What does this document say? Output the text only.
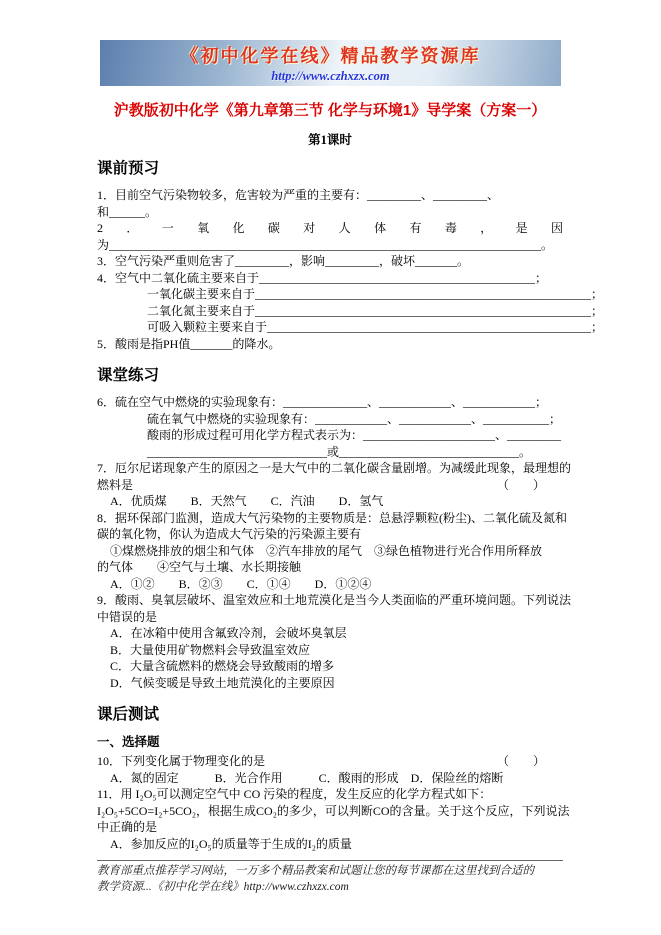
《初中化学在线》精品教学资源库
http://www.czhxzx.com
沪教版初中化学《第九章第三节 化学与环境1》导学案（方案一）
第1课时
课前预习
1．目前空气污染物较多，危害较为严重的主要有：_________、_________、
和______。
2．一氧化碳对人体有毒，是因
为________________________________________________________________________。
3．空气污染严重则危害了_________，影响_________，破坏_______。
4．空气中二氧化硫主要来自于______________________________________________；
一氧化碳主要来自于________________________________________________________；
二氧化氮主要来自于________________________________________________________；
可吸入颗粒主要来自于______________________________________________________；
5．酸雨是指PH值_______的降水。
课堂练习
6．硫在空气中燃烧的实验现象有：______________、____________、____________；
硫在氧气中燃烧的实验现象有：____________、____________、___________；
酸雨的形成过程可用化学方程式表示为：______________________、_________
______________________________或______________________________。
7．厄尔尼诺现象产生的原因之一是大气中的二氧化碳含量剧增。为减缓此现象，最理想的
燃料是	（　　）
A．优质煤　　B．天然气　　C．汽油　　D．氢气
8．据环保部门监测，造成大气污染物的主要物质是：总悬浮颗粒(粉尘)、二氧化硫及氮和
碳的氧化物，你认为造成大气污染的污染源主要有
①煤燃烧排放的烟尘和气体　②汽车排放的尾气　③绿色植物进行光合作用所释放
的气体　　④空气与土壤、水长期接触
A．①②　　B．②③　　C．①④　　D．①②④
9．酸雨、臭氧层破坏、温室效应和土地荒漠化是当今人类面临的严重环境问题。下列说法
中错误的是
A．在冰箱中使用含氟致冷剂，会破坏臭氧层
B．大量使用矿物燃料会导致温室效应
C．大量含硫燃料的燃烧会导致酸雨的增多
D．气候变暖是导致土地荒漠化的主要原因
课后测试
一、选择题
10．下列变化属于物理变化的是	（　　）
A．氮的固定　　　B．光合作用　　　C．酸雨的形成　D．保险丝的熔断
11．用 I₂O₅可以测定空气中 CO 污染的程度，发生反应的化学方程式如下：
I₂O₅+5CO=I₂+5CO₂，根据生成CO₂的多少，可以判断CO的含量。关于这个反应，下列说法
中正确的是
A．参加反应的I₂O₅的质量等于生成的I₂的质量
教育部重点推荐学习网站，一万多个精品教案和试题让您的每节课都在这里找到合适的
教学资源...《初中化学在线》http://www.czhxzx.com
